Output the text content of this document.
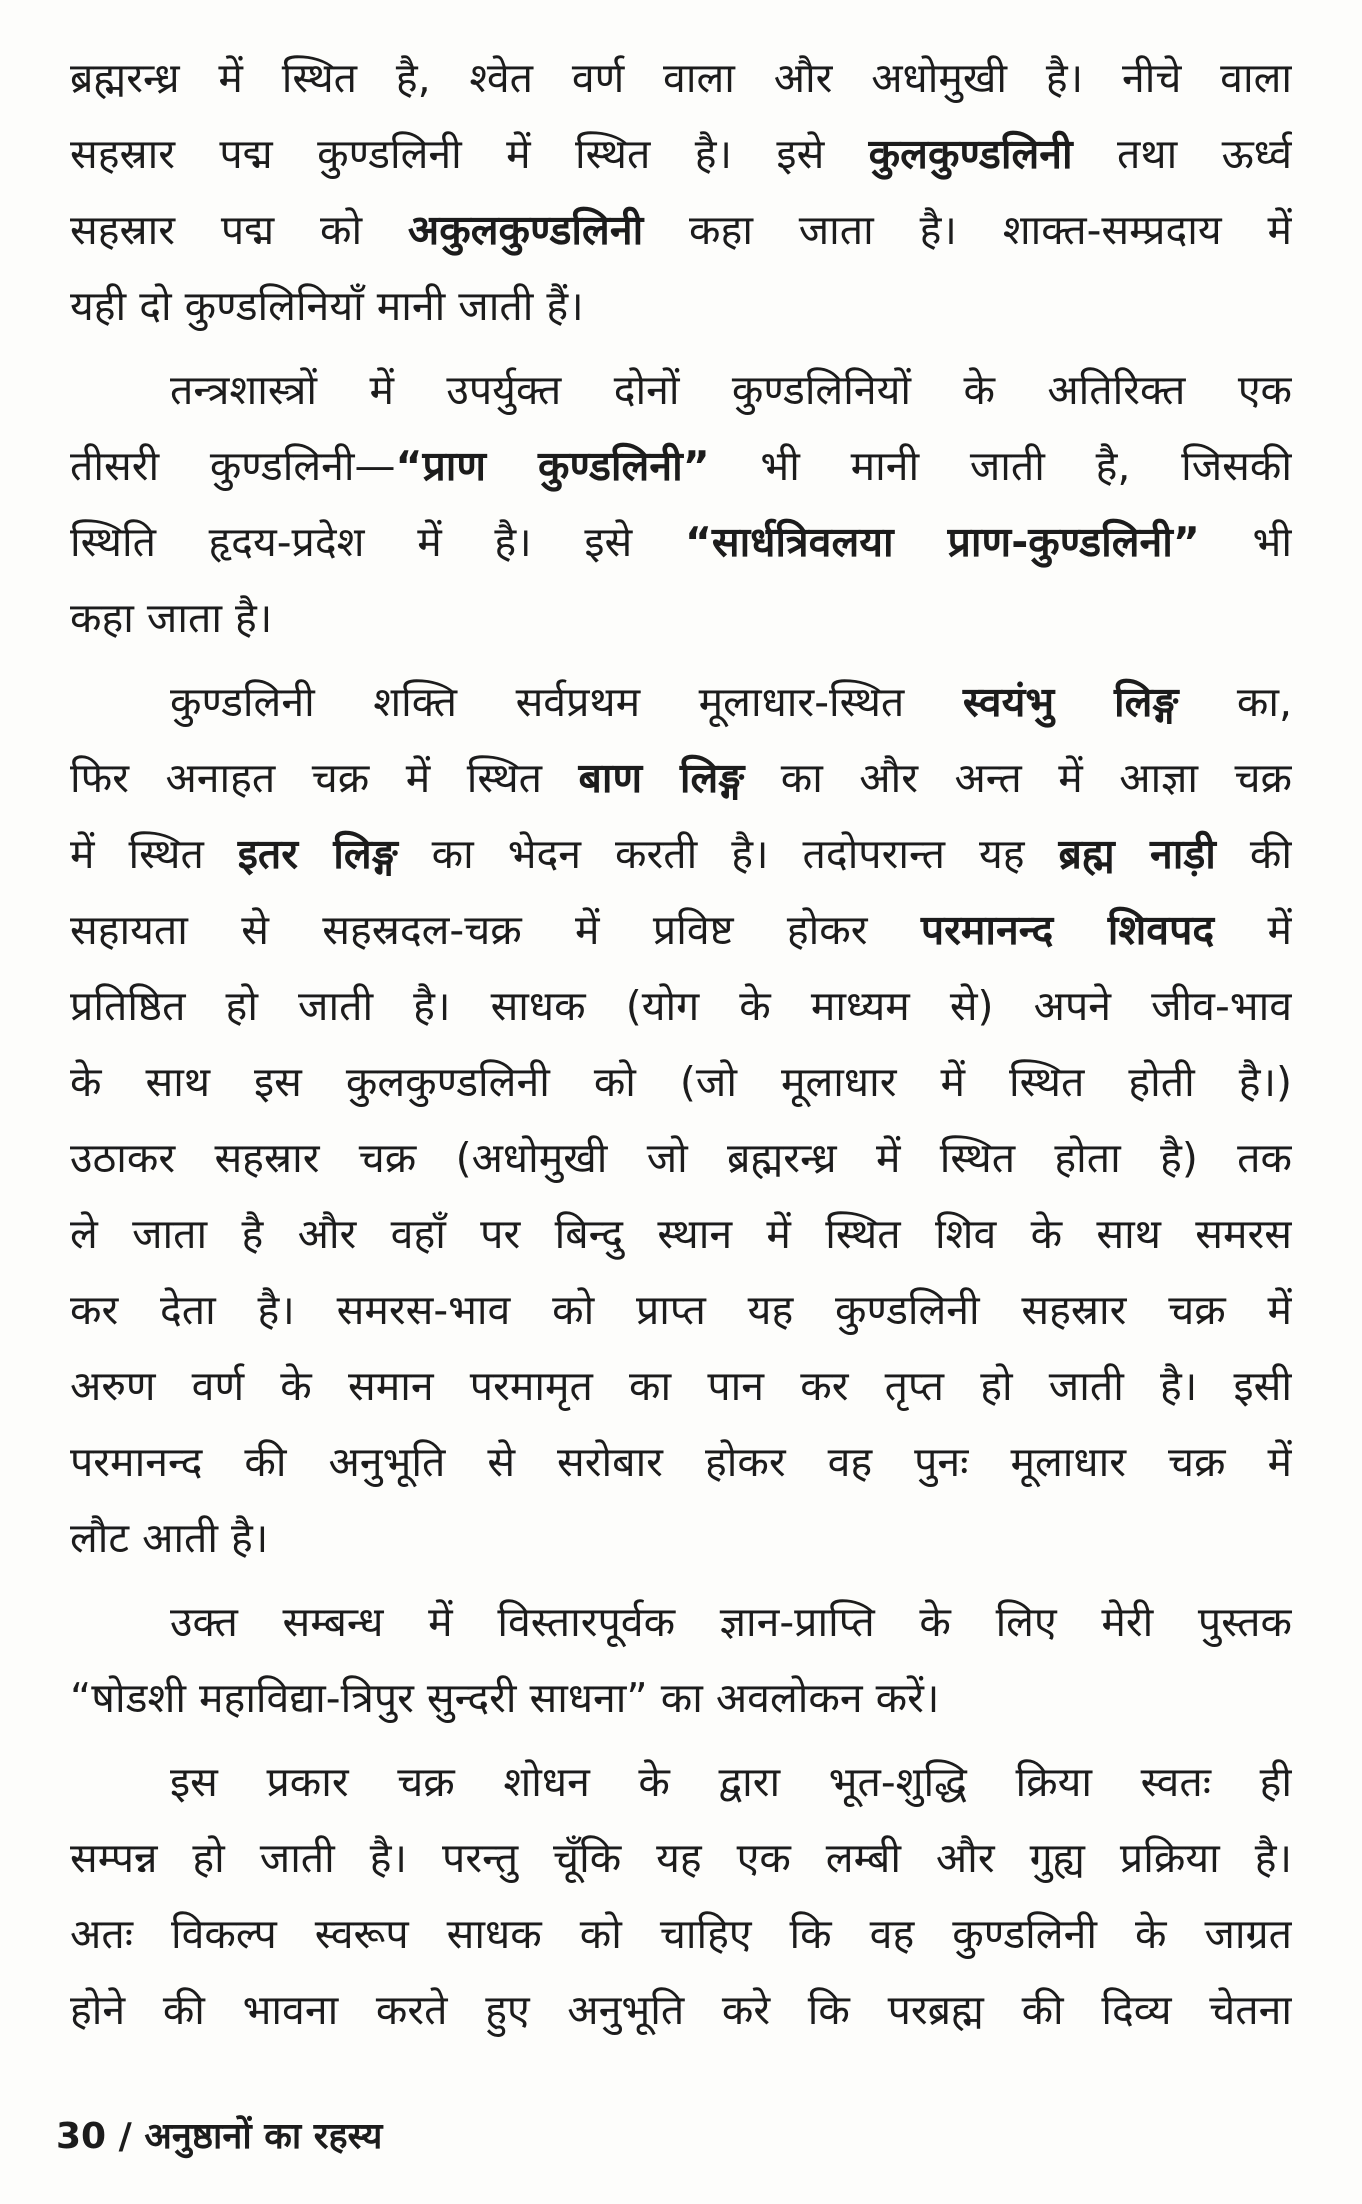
ब्रह्मरन्ध्र में स्थित है, श्वेत वर्ण वाला और अधोमुखी है। नीचे वाला
सहस्रार पद्म कुण्डलिनी में स्थित है। इसे कुलकुण्डलिनी तथा ऊर्ध्व
सहस्रार पद्म को अकुलकुण्डलिनी कहा जाता है। शाक्त-सम्प्रदाय में
यही दो कुण्डलिनियाँ मानी जाती हैं।
तन्त्रशास्त्रों में उपर्युक्त दोनों कुण्डलिनियों के अतिरिक्त एक
तीसरी कुण्डलिनी—“प्राण कुण्डलिनी” भी मानी जाती है, जिसकी
स्थिति हृदय-प्रदेश में है। इसे “सार्धत्रिवलया प्राण-कुण्डलिनी” भी
कहा जाता है।
कुण्डलिनी शक्ति सर्वप्रथम मूलाधार-स्थित स्वयंभु लिङ्ग का,
फिर अनाहत चक्र में स्थित बाण लिङ्ग का और अन्त में आज्ञा चक्र
में स्थित इतर लिङ्ग का भेदन करती है। तदोपरान्त यह ब्रह्म नाड़ी की
सहायता से सहस्रदल-चक्र में प्रविष्ट होकर परमानन्द शिवपद में
प्रतिष्ठित हो जाती है। साधक (योग के माध्यम से) अपने जीव-भाव
के साथ इस कुलकुण्डलिनी को (जो मूलाधार में स्थित होती है।)
उठाकर सहस्रार चक्र (अधोमुखी जो ब्रह्मरन्ध्र में स्थित होता है) तक
ले जाता है और वहाँ पर बिन्दु स्थान में स्थित शिव के साथ समरस
कर देता है। समरस-भाव को प्राप्त यह कुण्डलिनी सहस्रार चक्र में
अरुण वर्ण के समान परमामृत का पान कर तृप्त हो जाती है। इसी
परमानन्द की अनुभूति से सरोबार होकर वह पुनः मूलाधार चक्र में
लौट आती है।
उक्त सम्बन्ध में विस्तारपूर्वक ज्ञान-प्राप्ति के लिए मेरी पुस्तक
“षोडशी महाविद्या-त्रिपुर सुन्दरी साधना” का अवलोकन करें।
इस प्रकार चक्र शोधन के द्वारा भूत-शुद्धि क्रिया स्वतः ही
सम्पन्न हो जाती है। परन्तु चूँकि यह एक लम्बी और गुह्य प्रक्रिया है।
अतः विकल्प स्वरूप साधक को चाहिए कि वह कुण्डलिनी के जाग्रत
होने की भावना करते हुए अनुभूति करे कि परब्रह्म की दिव्य चेतना
30 / अनुष्ठानों का रहस्य
